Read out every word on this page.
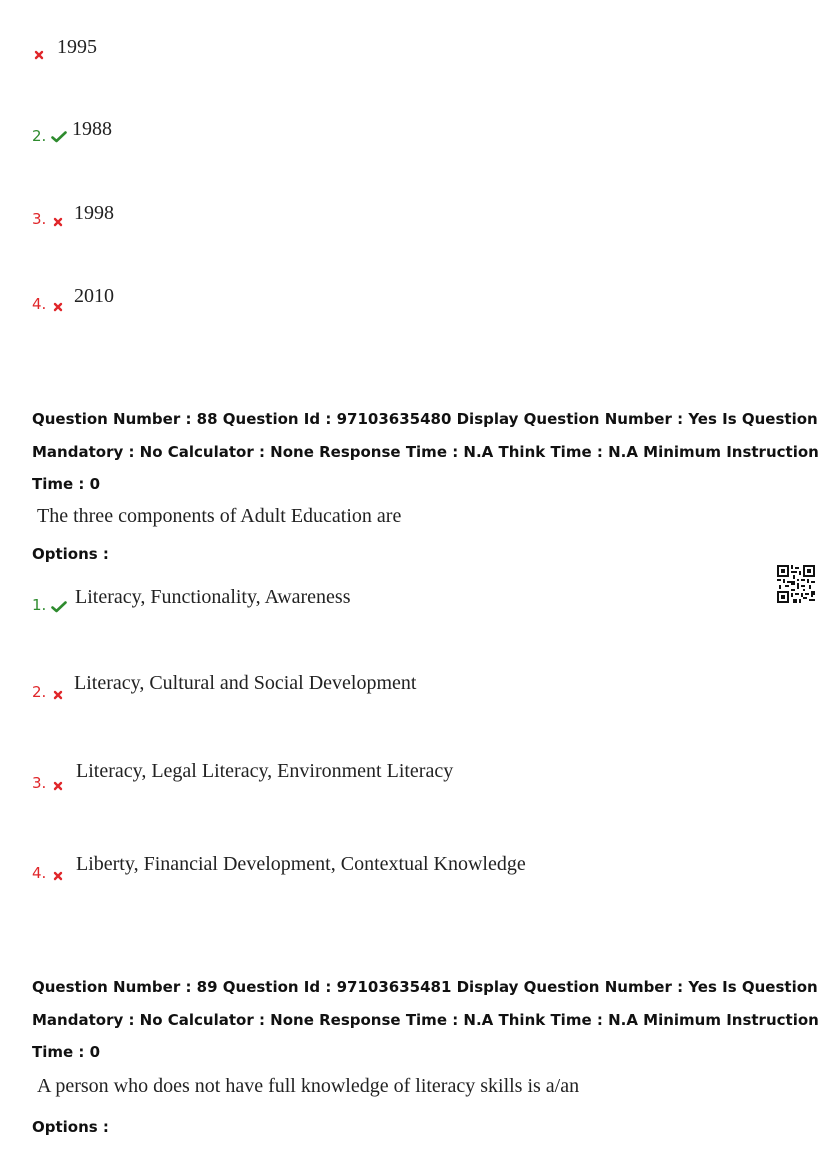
1995
2. 1988
3. 1998
4. 2010
Question Number : 88 Question Id : 97103635480 Display Question Number : Yes Is Question
Mandatory : No Calculator : None Response Time : N.A Think Time : N.A Minimum Instruction
Time : 0
The three components of Adult Education are
Options :
1. Literacy, Functionality, Awareness
2. Literacy, Cultural and Social Development
3.
Literacy, Legal Literacy, Environment Literacy
4. Liberty, Financial Development, Contextual Knowledge
Question Number : 89 Question Id : 97103635481 Display Question Number : Yes Is Question
Mandatory : No Calculator : None Response Time : N.A Think Time : N.A Minimum Instruction
Time : 0
A person who does not have full knowledge of literacy skills is a/an
Options :
